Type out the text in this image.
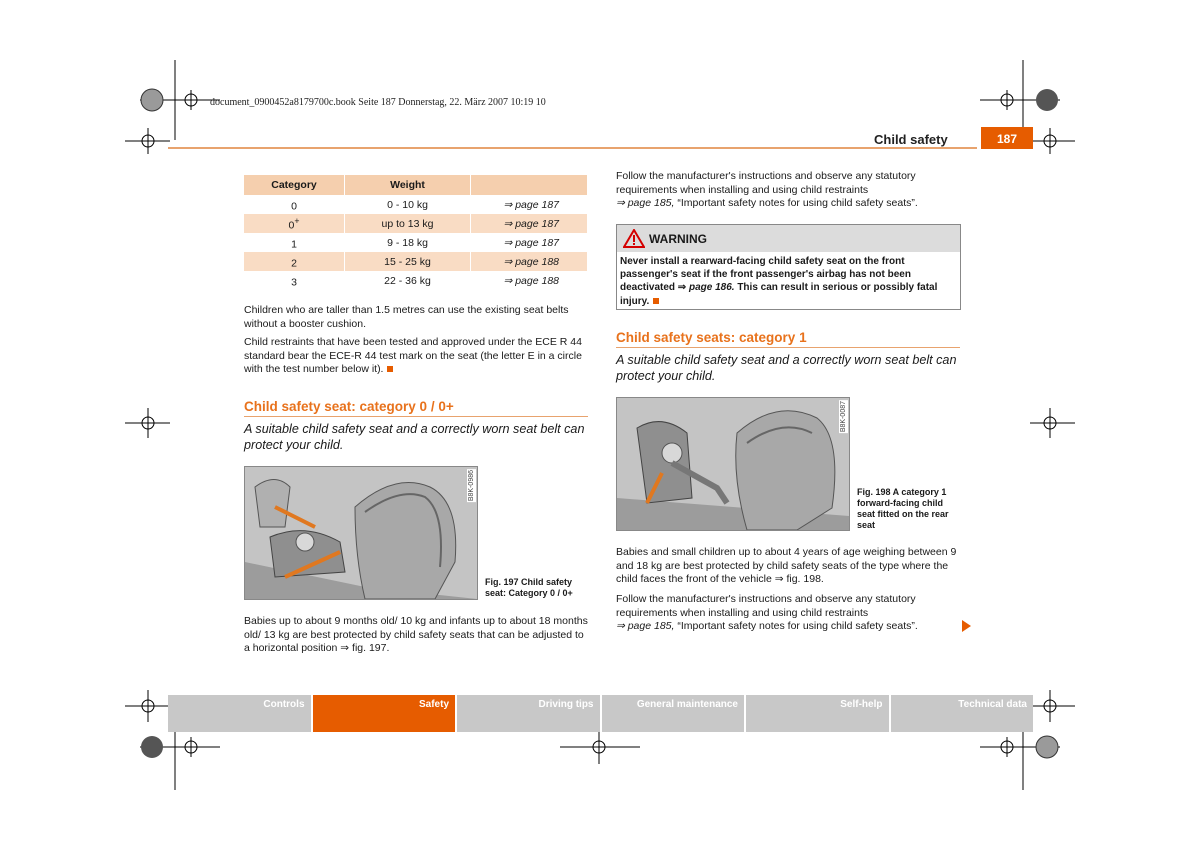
document_0900452a8179700c.book Seite 187 Donnerstag, 22. März 2007 10:19 10
Child safety	187
Category	Weight	
0	0 - 10 kg	⇒ page 187
0+	up to 13 kg	⇒ page 187
1	9 - 18 kg	⇒ page 187
2	15 - 25 kg	⇒ page 188
3	22 - 36 kg	⇒ page 188
Children who are taller than 1.5 metres can use the existing seat belts without a booster cushion.
Child restraints that have been tested and approved under the ECE R 44 standard bear the ECE-R 44 test mark on the seat (the letter E in a circle with the test number below it).
Child safety seat: category 0 / 0+
A suitable child safety seat and a correctly worn seat belt can protect your child.
B8K-0986
Fig. 197 Child safety seat: Category 0 / 0+
Babies up to about 9 months old/ 10 kg and infants up to about 18 months old/ 13 kg are best protected by child safety seats that can be adjusted to a horizontal position ⇒ fig. 197.
Follow the manufacturer's instructions and observe any statutory requirements when installing and using child restraints
⇒ page 185, “Important safety notes for using child safety seats”.
WARNING
Never install a rearward-facing child safety seat on the front passenger's seat if the front passenger's airbag has not been deactivated ⇒ page 186. This can result in serious or possibly fatal injury.
Child safety seats: category 1
A suitable child safety seat and a correctly worn seat belt can protect your child.
B8K-0087
Fig. 198 A category 1 forward-facing child seat fitted on the rear seat
Babies and small children up to about 4 years of age weighing between 9 and 18 kg are best protected by child safety seats of the type where the child faces the front of the vehicle ⇒ fig. 198.
Follow the manufacturer's instructions and observe any statutory requirements when installing and using child restraints
⇒ page 185, “Important safety notes for using child safety seats”.
Controls	Safety	Driving tips	General maintenance	Self-help	Technical data
